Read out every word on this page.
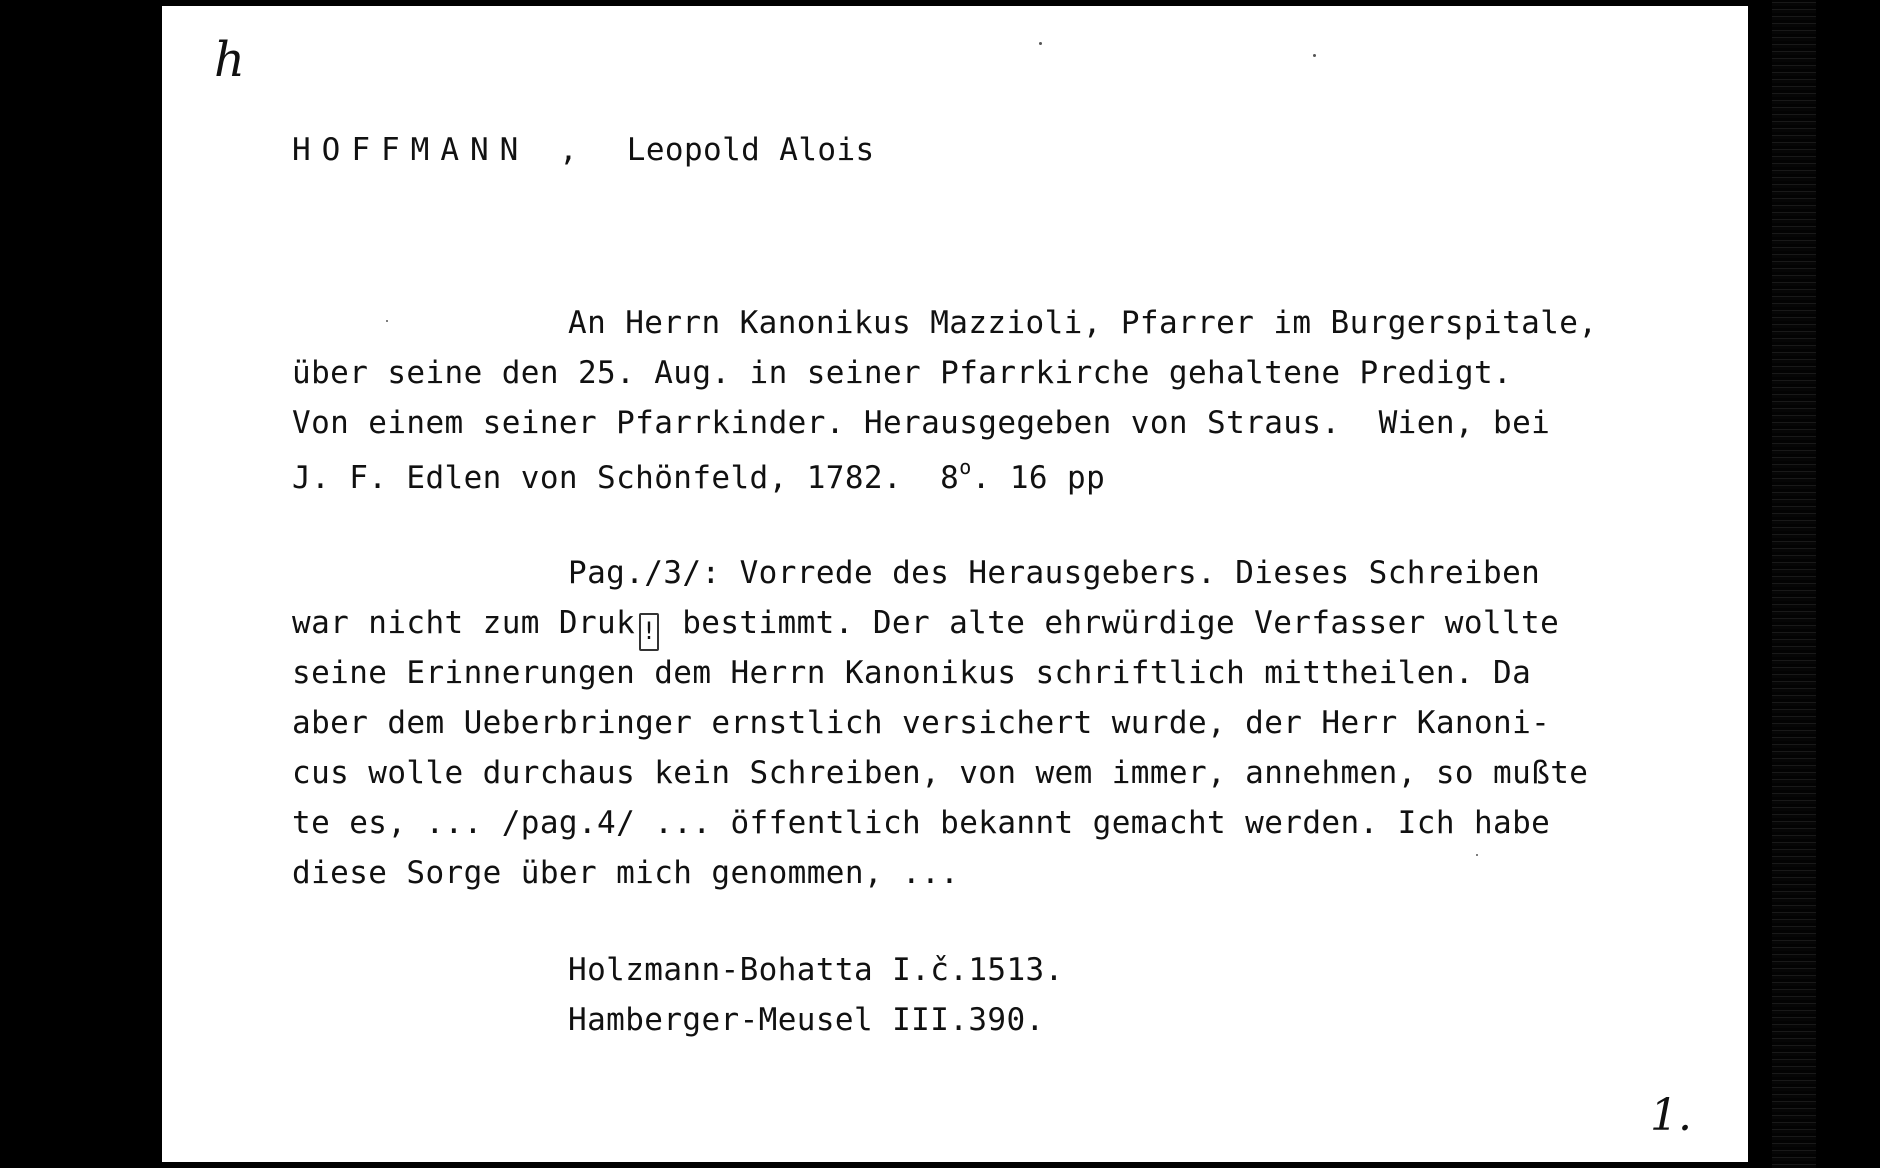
h
1.
HOFFMANN , Leopold Alois
An Herrn Kanonikus Mazzioli, Pfarrer im Burgerspitale,
über seine den 25. Aug. in seiner Pfarrkirche gehaltene Predigt.
Von einem seiner Pfarrkinder. Herausgegeben von Straus.  Wien, bei
J. F. Edlen von Schönfeld, 1782.  8$^o$. 16 pp
Pag./3/: Vorrede des Herausgebers. Dieses Schreiben
war nicht zum Druk ! bestimmt. Der alte ehrwürdige Verfasser wollte
seine Erinnerungen dem Herrn Kanonikus schriftlich mittheilen. Da
aber dem Ueberbringer ernstlich versichert wurde, der Herr Kanoni-
cus wolle durchaus kein Schreiben, von wem immer, annehmen, so mußte
te es, ... /pag.4/ ... öffentlich bekannt gemacht werden. Ich habe
diese Sorge über mich genommen, ...
Holzmann-Bohatta I.č.1513.
Hamberger-Meusel III.390.
